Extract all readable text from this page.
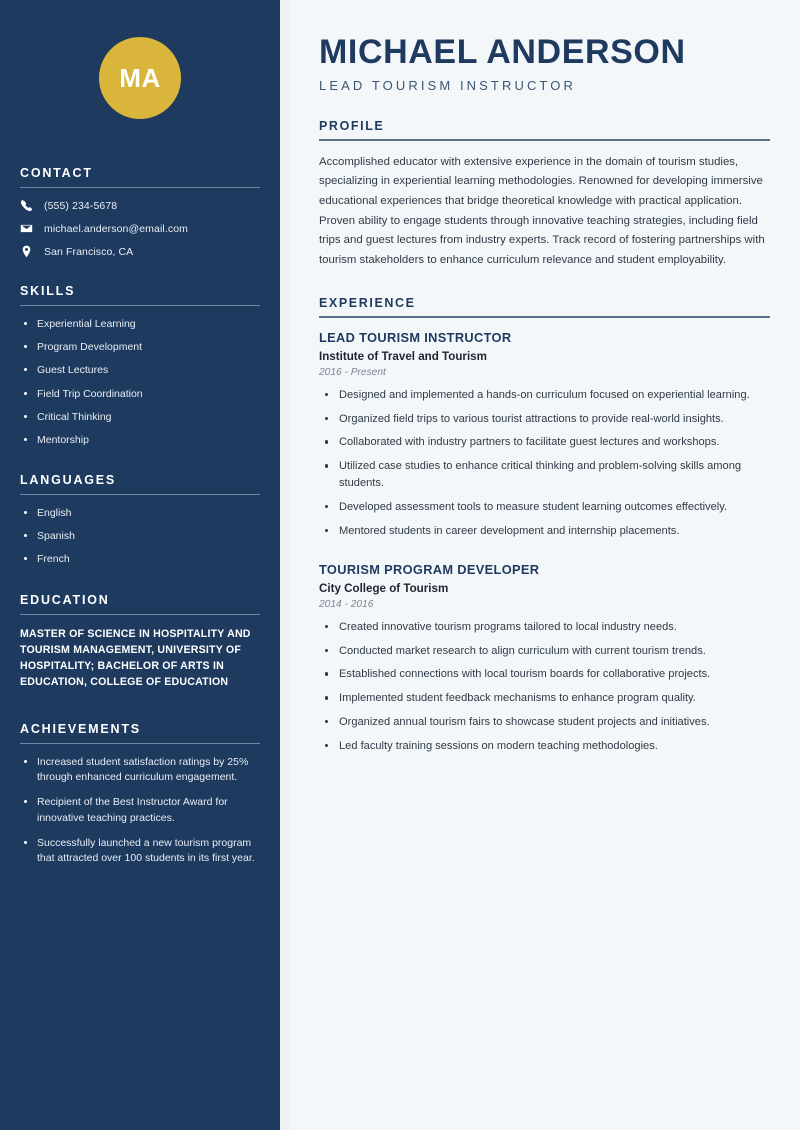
MA
CONTACT
(555) 234-5678
michael.anderson@email.com
San Francisco, CA
SKILLS
Experiential Learning
Program Development
Guest Lectures
Field Trip Coordination
Critical Thinking
Mentorship
LANGUAGES
English
Spanish
French
EDUCATION
MASTER OF SCIENCE IN HOSPITALITY AND TOURISM MANAGEMENT, UNIVERSITY OF HOSPITALITY; BACHELOR OF ARTS IN EDUCATION, COLLEGE OF EDUCATION
ACHIEVEMENTS
Increased student satisfaction ratings by 25% through enhanced curriculum engagement.
Recipient of the Best Instructor Award for innovative teaching practices.
Successfully launched a new tourism program that attracted over 100 students in its first year.
MICHAEL ANDERSON
LEAD TOURISM INSTRUCTOR
PROFILE

Accomplished educator with extensive experience in the domain of tourism studies, specializing in experiential learning methodologies. Renowned for developing immersive educational experiences that bridge theoretical knowledge with practical application. Proven ability to engage students through innovative teaching strategies, including field trips and guest lectures from industry experts. Track record of fostering partnerships with tourism stakeholders to enhance curriculum relevance and student employability.

EXPERIENCE
LEAD TOURISM INSTRUCTOR
Institute of Travel and Tourism
2016 - Present
Designed and implemented a hands-on curriculum focused on experiential learning.
Organized field trips to various tourist attractions to provide real-world insights.
Collaborated with industry partners to facilitate guest lectures and workshops.
Utilized case studies to enhance critical thinking and problem-solving skills among students.
Developed assessment tools to measure student learning outcomes effectively.
Mentored students in career development and internship placements.
TOURISM PROGRAM DEVELOPER
City College of Tourism
2014 - 2016
Created innovative tourism programs tailored to local industry needs.
Conducted market research to align curriculum with current tourism trends.
Established connections with local tourism boards for collaborative projects.
Implemented student feedback mechanisms to enhance program quality.
Organized annual tourism fairs to showcase student projects and initiatives.
Led faculty training sessions on modern teaching methodologies.
